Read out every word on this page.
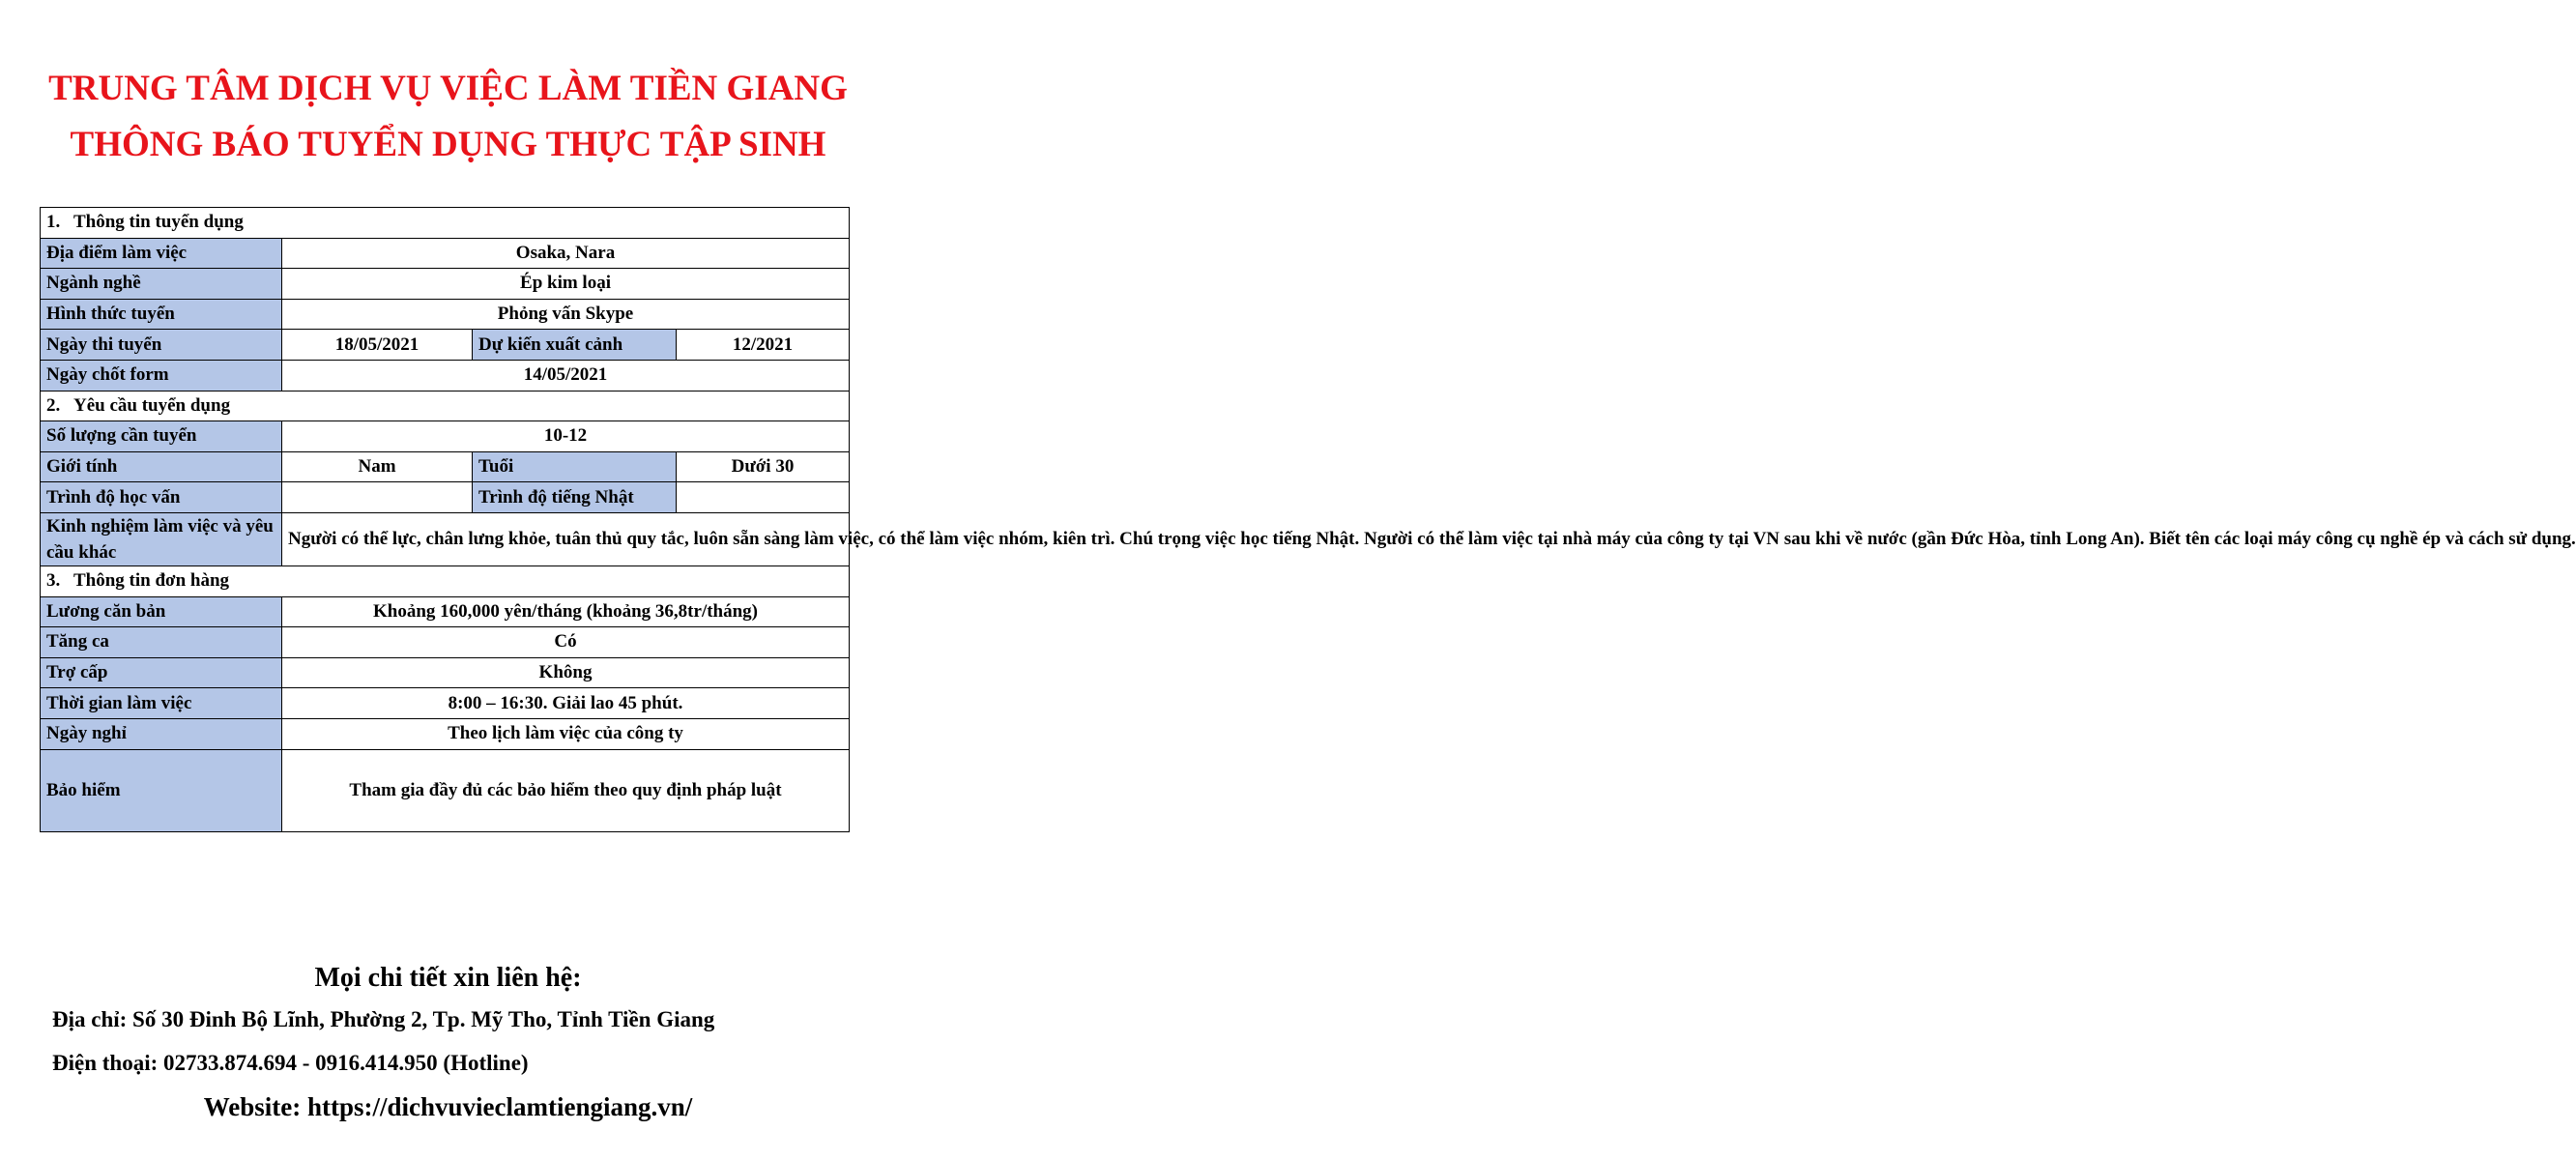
TRUNG TÂM DỊCH VỤ VIỆC LÀM TIỀN GIANG
THÔNG BÁO TUYỂN DỤNG THỰC TẬP SINH
1. Thông tin tuyển dụng			
Địa điểm làm việc	Osaka, Nara		
Ngành nghề	Ép kim loại		
Hình thức tuyển	Phỏng vấn Skype		
Ngày thi tuyển	18/05/2021	Dự kiến xuất cảnh	12/2021
Ngày chốt form	14/05/2021		
2. Yêu cầu tuyển dụng			
Số lượng cần tuyển	10-12		
Giới tính	Nam	Tuổi	Dưới 30
Trình độ học vấn		Trình độ tiếng Nhật	
Kinh nghiệm làm việc và yêu cầu khác	Người có thể lực, chân lưng khỏe, tuân thủ quy tắc, luôn sẵn sàng làm việc, có thể làm việc nhóm, kiên trì. Chú trọng việc học tiếng Nhật. Người có thể làm việc tại nhà máy của công ty tại VN sau khi về nước (gần Đức Hòa, tỉnh Long An). Biết tên các loại máy công cụ nghề ép và cách sử dụng.		
3. Thông tin đơn hàng			
Lương căn bản	Khoảng 160,000 yên/tháng (khoảng 36,8tr/tháng)		
Tăng ca	Có		
Trợ cấp	Không		
Thời gian làm việc	8:00 – 16:30. Giải lao 45 phút.		
Ngày nghỉ	Theo lịch làm việc của công ty		
Bảo hiểm	Tham gia đầy đủ các bảo hiểm theo quy định pháp luật		
Mọi chi tiết xin liên hệ:
Địa chỉ: Số 30 Đinh Bộ Lĩnh, Phường 2, Tp. Mỹ Tho, Tỉnh Tiền Giang
Điện thoại: 02733.874.694 - 0916.414.950 (Hotline)
Website: https://dichvuvieclamtiengiang.vn/
